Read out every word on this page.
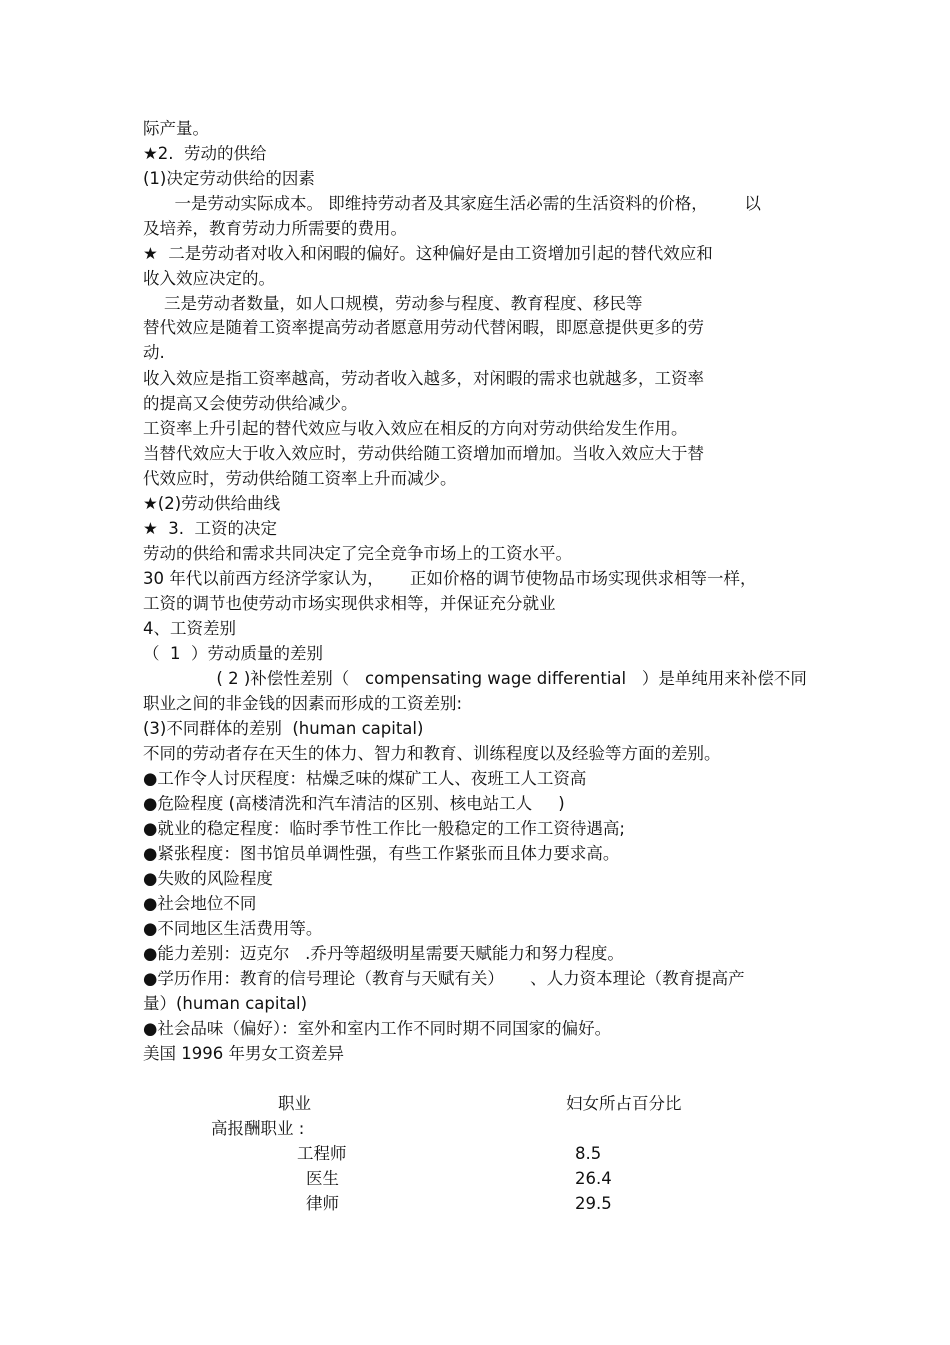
际产量。
★2.  劳动的供给
(1)决定劳动供给的因素
一是劳动实际成本。 即维持劳动者及其家庭生活必需的生活资料的价格，       以
及培养，教育劳动力所需要的费用。
★  二是劳动者对收入和闲暇的偏好。这种偏好是由工资增加引起的替代效应和
收入效应决定的。
三是劳动者数量，如人口规模，劳动参与程度、教育程度、移民等
替代效应是随着工资率提高劳动者愿意用劳动代替闲暇，即愿意提供更多的劳
动.
收入效应是指工资率越高，劳动者收入越多，对闲暇的需求也就越多，工资率
的提高又会使劳动供给减少。
工资率上升引起的替代效应与收入效应在相反的方向对劳动供给发生作用。
当替代效应大于收入效应时，劳动供给随工资增加而增加。当收入效应大于替
代效应时，劳动供给随工资率上升而减少。
★(2)劳动供给曲线
★  3.  工资的决定
劳动的供给和需求共同决定了完全竞争市场上的工资水平。
30 年代以前西方经济学家认为，     正如价格的调节使物品市场实现供求相等一样，
工资的调节也使劳动市场实现供求相等，并保证充分就业
4、工资差别
（  1  ）劳动质量的差别
( 2 )补偿性差别（   compensating wage differential   ）是单纯用来补偿不同
职业之间的非金钱的因素而形成的工资差别:
(3)不同群体的差别  (human capital)
不同的劳动者存在天生的体力、智力和教育、训练程度以及经验等方面的差别。
●工作令人讨厌程度：枯燥乏味的煤矿工人、夜班工人工资高
●危险程度 (高楼清洗和汽车清洁的区别、核电站工人     )
●就业的稳定程度：临时季节性工作比一般稳定的工作工资待遇高;
●紧张程度：图书馆员单调性强，有些工作紧张而且体力要求高。
●失败的风险程度
●社会地位不同
●不同地区生活费用等。
●能力差别：迈克尔   .乔丹等超级明星需要天赋能力和努力程度。
●学历作用：教育的信号理论（教育与天赋有关）     、人力资本理论（教育提高产
量）(human capital)
●社会品味（偏好）：室外和室内工作不同时期不同国家的偏好。
美国 1996 年男女工资差异
职业	妇女所占百分比
高报酬职业 :
工程师	8.5
医生	26.4
律师	29.5
